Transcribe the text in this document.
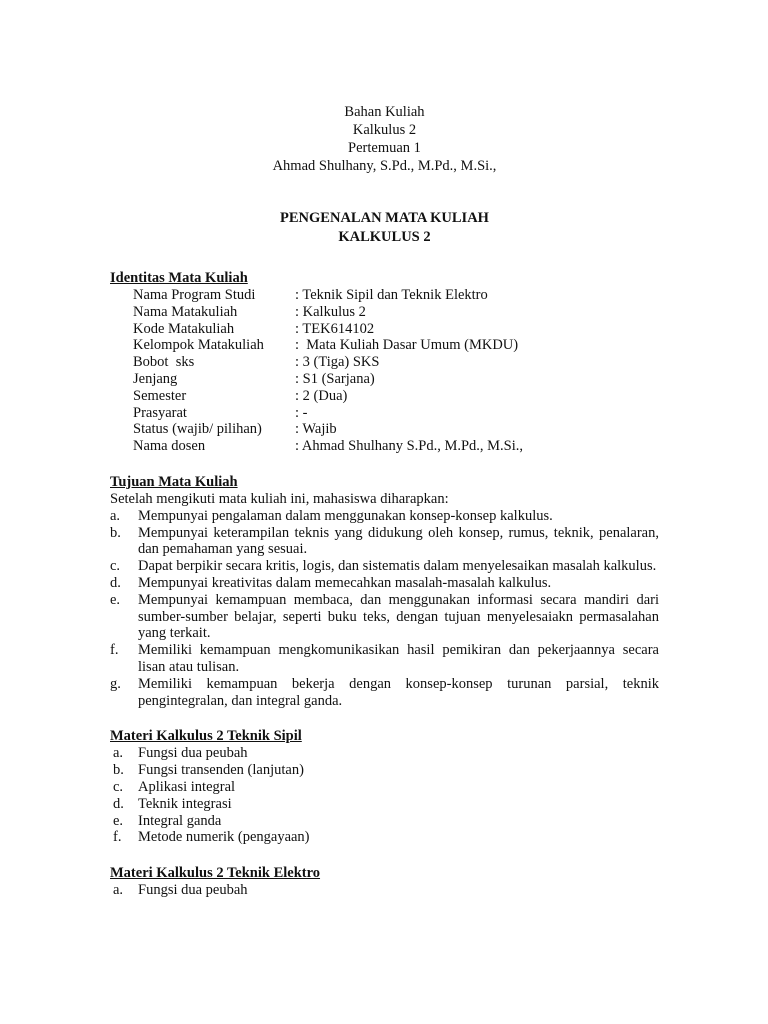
Bahan Kuliah
Kalkulus 2
Pertemuan 1
Ahmad Shulhany, S.Pd., M.Pd., M.Si.,
PENGENALAN MATA KULIAH
KALKULUS 2
Identitas Mata Kuliah
Nama Program Studi	: Teknik Sipil dan Teknik Elektro
Nama Matakuliah	: Kalkulus 2
Kode Matakuliah	: TEK614102
Kelompok Matakuliah	:  Mata Kuliah Dasar Umum (MKDU)
Bobot  sks	: 3 (Tiga) SKS
Jenjang	: S1 (Sarjana)
Semester	: 2 (Dua)
Prasyarat	: -
Status (wajib/ pilihan)	: Wajib
Nama dosen	: Ahmad Shulhany S.Pd., M.Pd., M.Si.,
Tujuan Mata Kuliah
Setelah mengikuti mata kuliah ini, mahasiswa diharapkan:
a.	Mempunyai pengalaman dalam menggunakan konsep-konsep kalkulus.
b.	Mempunyai keterampilan teknis yang didukung oleh konsep, rumus, teknik, penalaran, dan pemahaman yang sesuai.
c.	Dapat berpikir secara kritis, logis, dan sistematis dalam menyelesaikan masalah kalkulus.
d.	Mempunyai kreativitas dalam memecahkan masalah-masalah kalkulus.
e.	Mempunyai kemampuan membaca, dan menggunakan informasi secara mandiri dari sumber-sumber belajar, seperti buku teks, dengan tujuan menyelesaiakn permasalahan yang terkait.
f.	Memiliki kemampuan mengkomunikasikan hasil pemikiran dan pekerjaannya secara lisan atau tulisan.
g.	Memiliki kemampuan bekerja dengan konsep-konsep turunan parsial, teknik pengintegralan, dan integral ganda.
Materi Kalkulus 2 Teknik Sipil
a.	Fungsi dua peubah
b. Fungsi transenden (lanjutan)
c.	Aplikasi integral
d. Teknik integrasi
e.	Integral ganda
f.	Metode numerik (pengayaan)
Materi Kalkulus 2 Teknik Elektro
a.	Fungsi dua peubah
